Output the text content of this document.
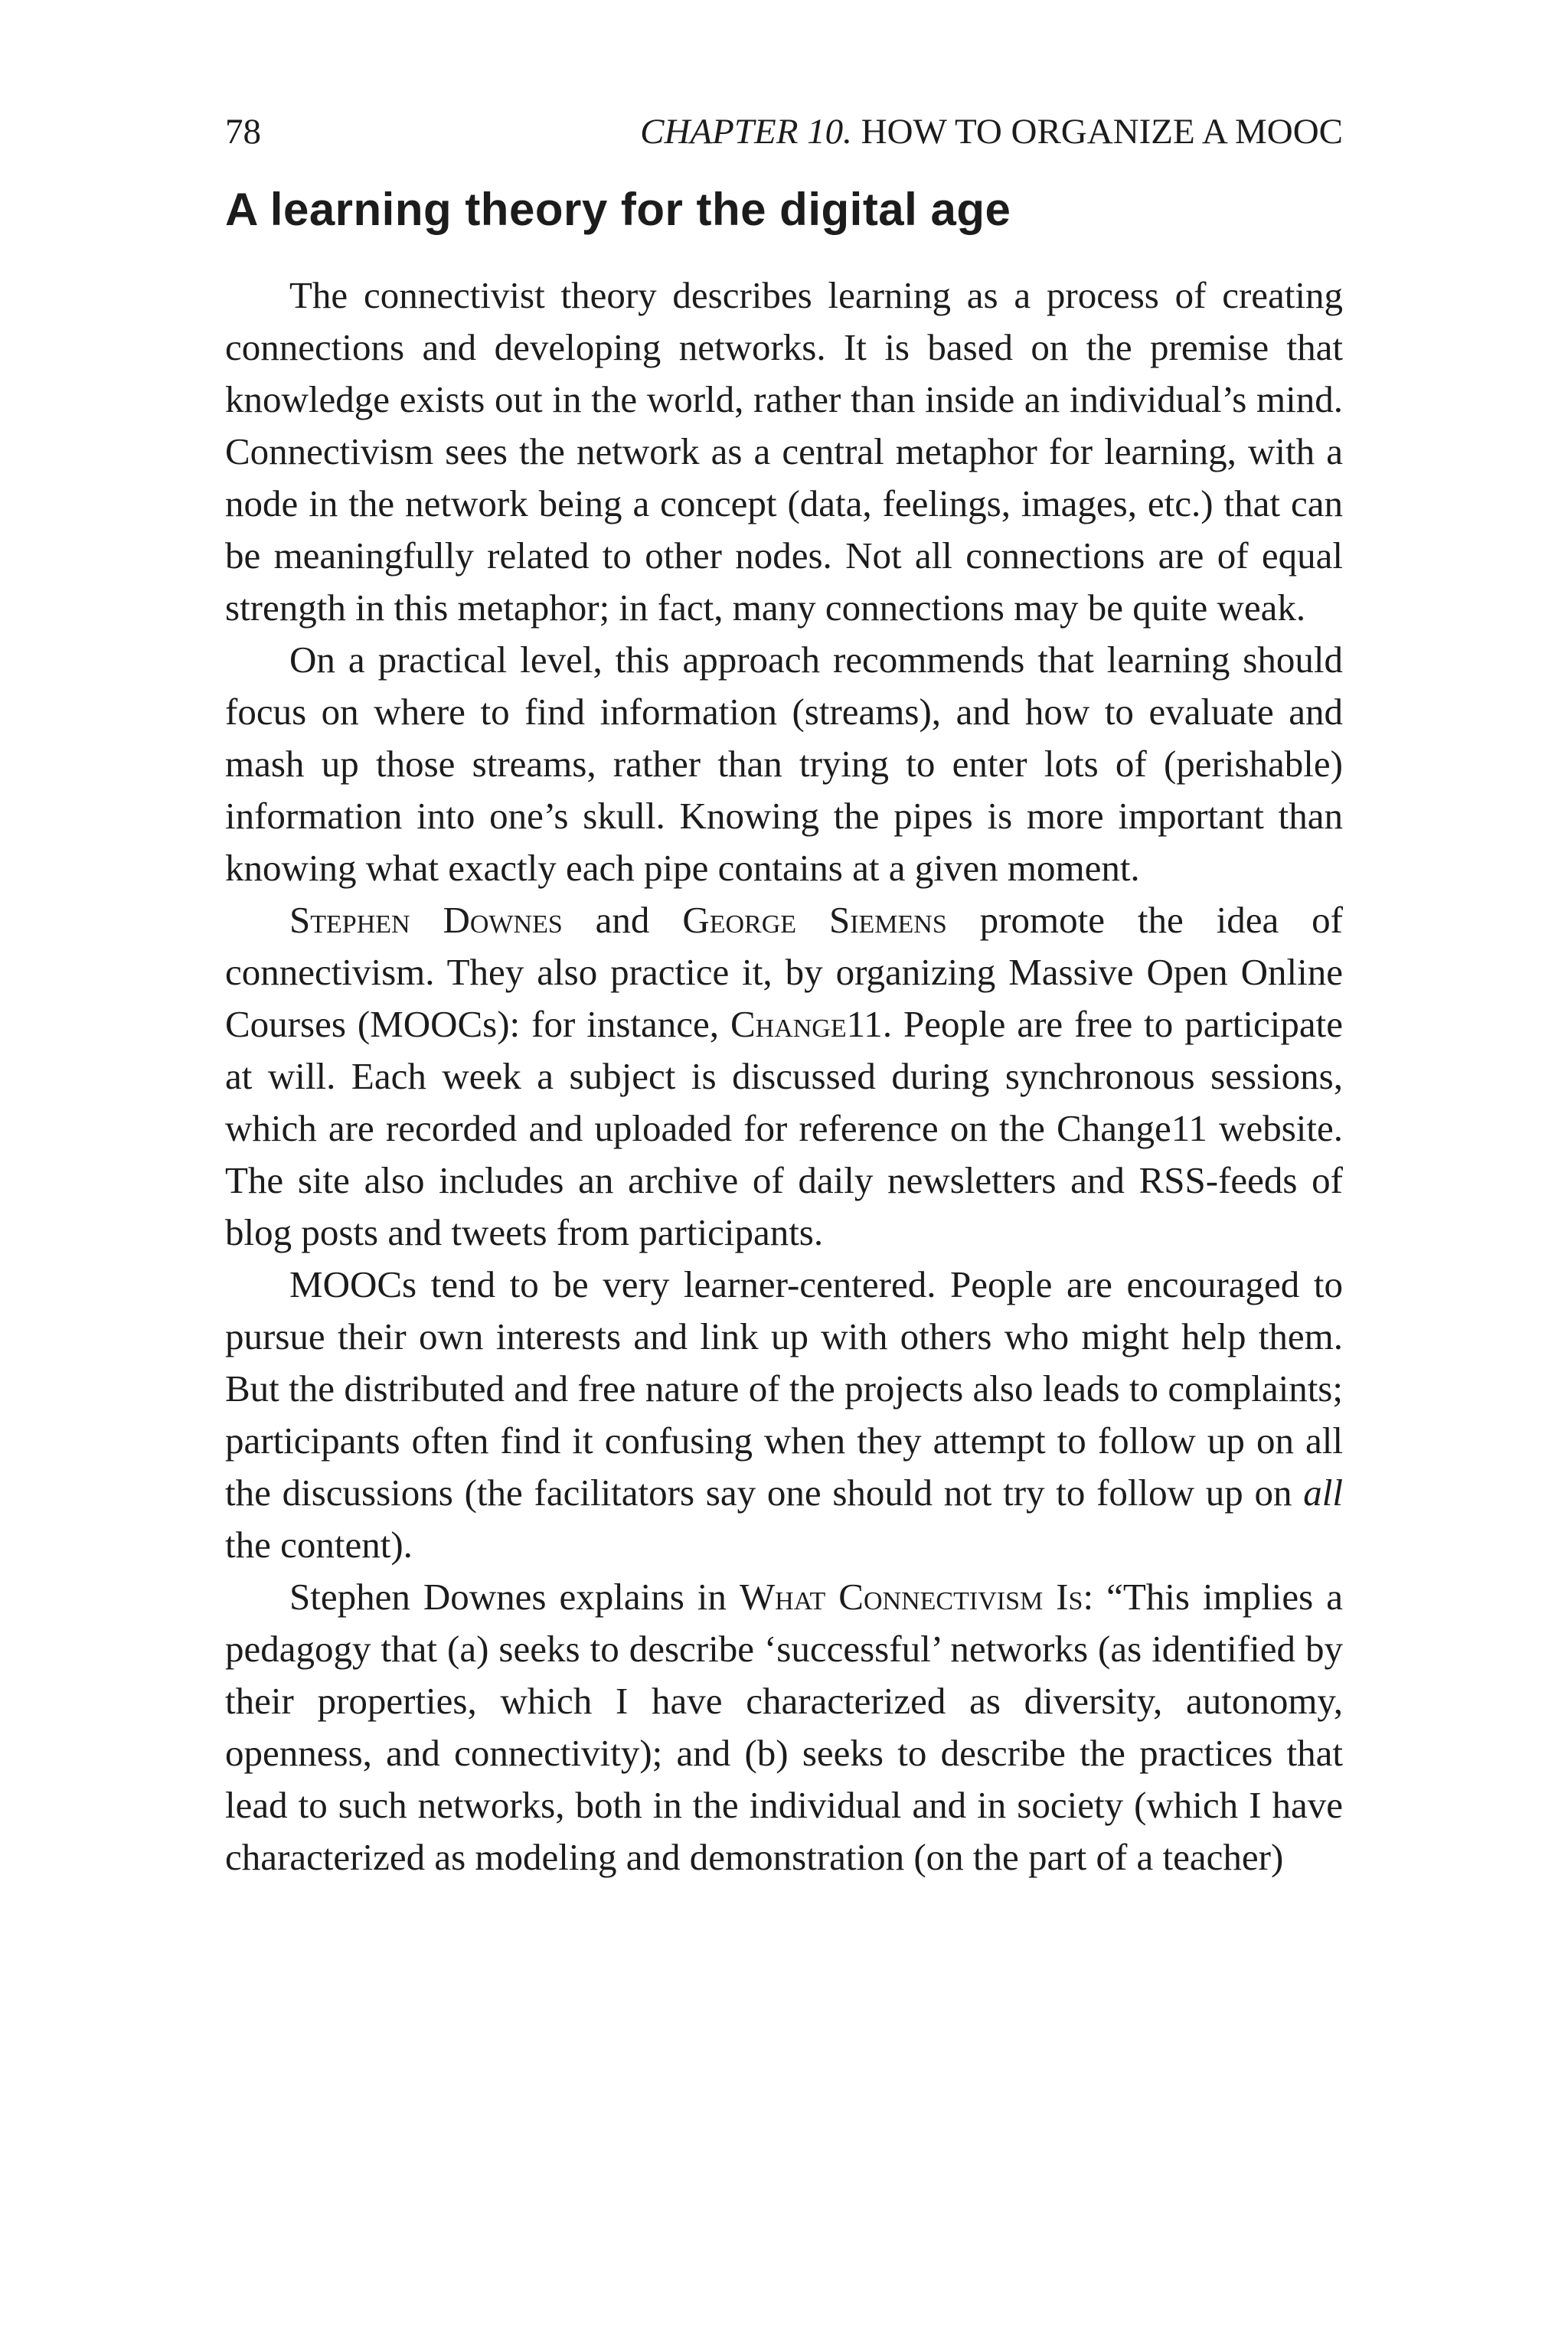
78	CHAPTER 10. HOW TO ORGANIZE A MOOC
A learning theory for the digital age

The connectivist theory describes learning as a process of creating connections and developing networks. It is based on the premise that knowledge exists out in the world, rather than inside an individual’s mind. Connectivism sees the network as a central metaphor for learning, with a node in the network being a concept (data, feelings, images, etc.) that can be meaningfully related to other nodes. Not all connections are of equal strength in this metaphor; in fact, many connections may be quite weak.

On a practical level, this approach recommends that learning should focus on where to find information (streams), and how to evaluate and mash up those streams, rather than trying to enter lots of (perishable) information into one’s skull. Knowing the pipes is more important than knowing what exactly each pipe contains at a given moment.

Stephen Downes and George Siemens promote the idea of connectivism. They also practice it, by organizing Massive Open Online Courses (MOOCs): for instance, Change11. People are free to participate at will. Each week a subject is discussed during synchronous sessions, which are recorded and uploaded for reference on the Change11 website. The site also includes an archive of daily newsletters and RSS-feeds of blog posts and tweets from participants.

MOOCs tend to be very learner-centered. People are encouraged to pursue their own interests and link up with others who might help them. But the distributed and free nature of the projects also leads to complaints; participants often find it confusing when they attempt to follow up on all the discussions (the facilitators say one should not try to follow up on all the content).

Stephen Downes explains in What Connectivism Is: “This implies a pedagogy that (a) seeks to describe ‘successful’ networks (as identified by their properties, which I have characterized as diversity, autonomy, openness, and connectivity); and (b) seeks to describe the practices that lead to such networks, both in the individual and in society (which I have characterized as modeling and demonstration (on the part of a teacher)
